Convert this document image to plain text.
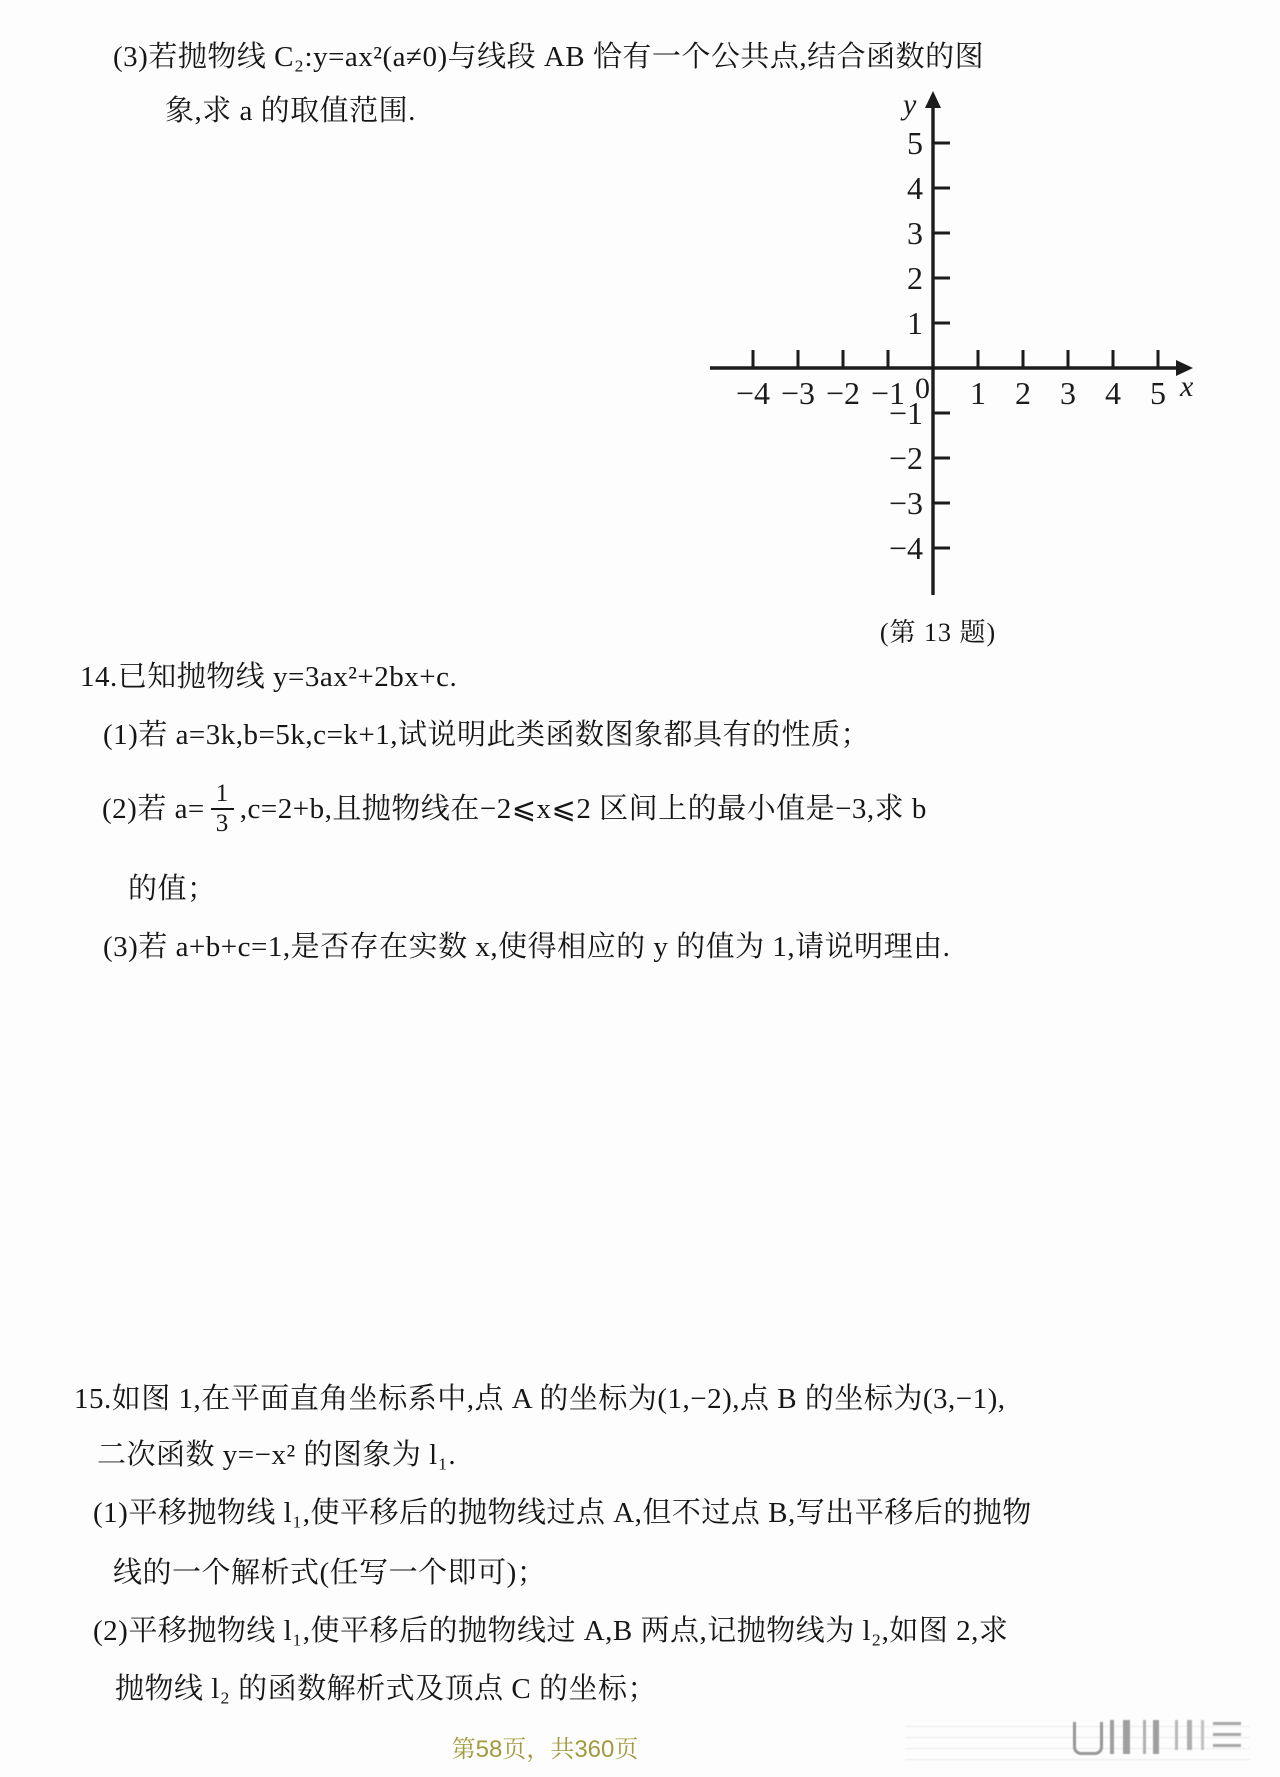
(3)若抛物线 C₂:y=ax²(a≠0)与线段 AB 恰有一个公共点,结合函数的图
象,求 a 的取值范围.
−4 −3 −2 −1 1 2 3 4 5
−4
−3
−2
−1
1
2
3
4
5
0	x
y
(第 13 题)
14.已知抛物线 y=3ax²+2bx+c.
(1)若 a=3k,b=5k,c=k+1,试说明此类函数图象都具有的性质；
(2)若 $a= \frac{1}{3} ,c=2+b$,且抛物线在−2⩽x⩽2 区间上的最小值是−3,求 b
的值；
(3)若 a+b+c=1,是否存在实数 x,使得相应的 y 的值为 1,请说明理由.
15.如图 1,在平面直角坐标系中,点 A 的坐标为(1,−2),点 B 的坐标为(3,−1),
二次函数 y=−x² 的图象为 l₁.
(1)平移抛物线 l₁,使平移后的抛物线过点 A,但不过点 B,写出平移后的抛物
线的一个解析式(任写一个即可)；
(2)平移抛物线 l₁,使平移后的抛物线过 A,B 两点,记抛物线为 l₂,如图 2,求
抛物线 l₂ 的函数解析式及顶点 C 的坐标；
第58页，共360页
